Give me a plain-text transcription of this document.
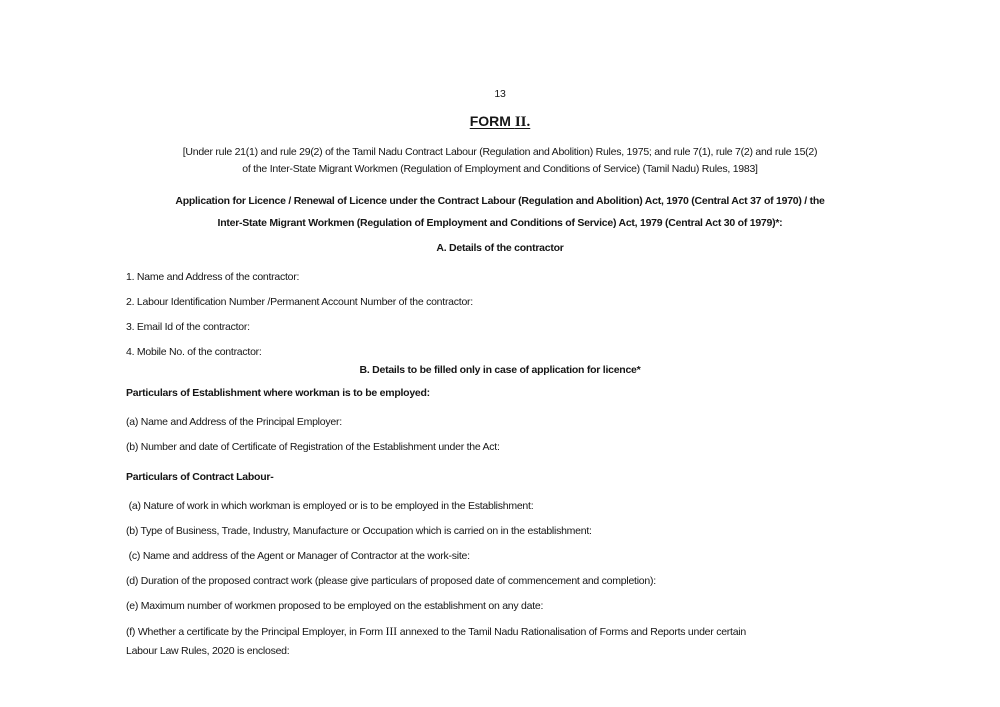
13

FORM II.

[Under rule 21(1) and rule 29(2) of the Tamil Nadu Contract Labour (Regulation and Abolition) Rules, 1975; and rule 7(1), rule 7(2) and rule 15(2)
of the Inter-State Migrant Workmen (Regulation of Employment and Conditions of Service) (Tamil Nadu) Rules, 1983]

Application for Licence / Renewal of Licence under the Contract Labour (Regulation and Abolition) Act, 1970 (Central Act 37 of 1970) / the
Inter-State Migrant Workmen (Regulation of Employment and Conditions of Service) Act, 1979 (Central Act 30 of 1979)*:

A. Details of the contractor

1. Name and Address of the contractor:

2. Labour Identification Number /Permanent Account Number of the contractor:

3. Email Id of the contractor:

4. Mobile No. of the contractor:

B. Details to be filled only in case of application for licence*

Particulars of Establishment where workman is to be employed:

(a) Name and Address of the Principal Employer:

(b) Number and date of Certificate of Registration of the Establishment under the Act:

Particulars of Contract Labour-

(a) Nature of work in which workman is employed or is to be employed in the Establishment:

(b) Type of Business, Trade, Industry, Manufacture or Occupation which is carried on in the establishment:

(c) Name and address of the Agent or Manager of Contractor at the work-site:

(d) Duration of the proposed contract work (please give particulars of proposed date of commencement and completion):

(e) Maximum number of workmen proposed to be employed on the establishment on any date:

(f) Whether a certificate by the Principal Employer, in Form III annexed to the Tamil Nadu Rationalisation of Forms and Reports under certain
Labour Law Rules, 2020 is enclosed:
